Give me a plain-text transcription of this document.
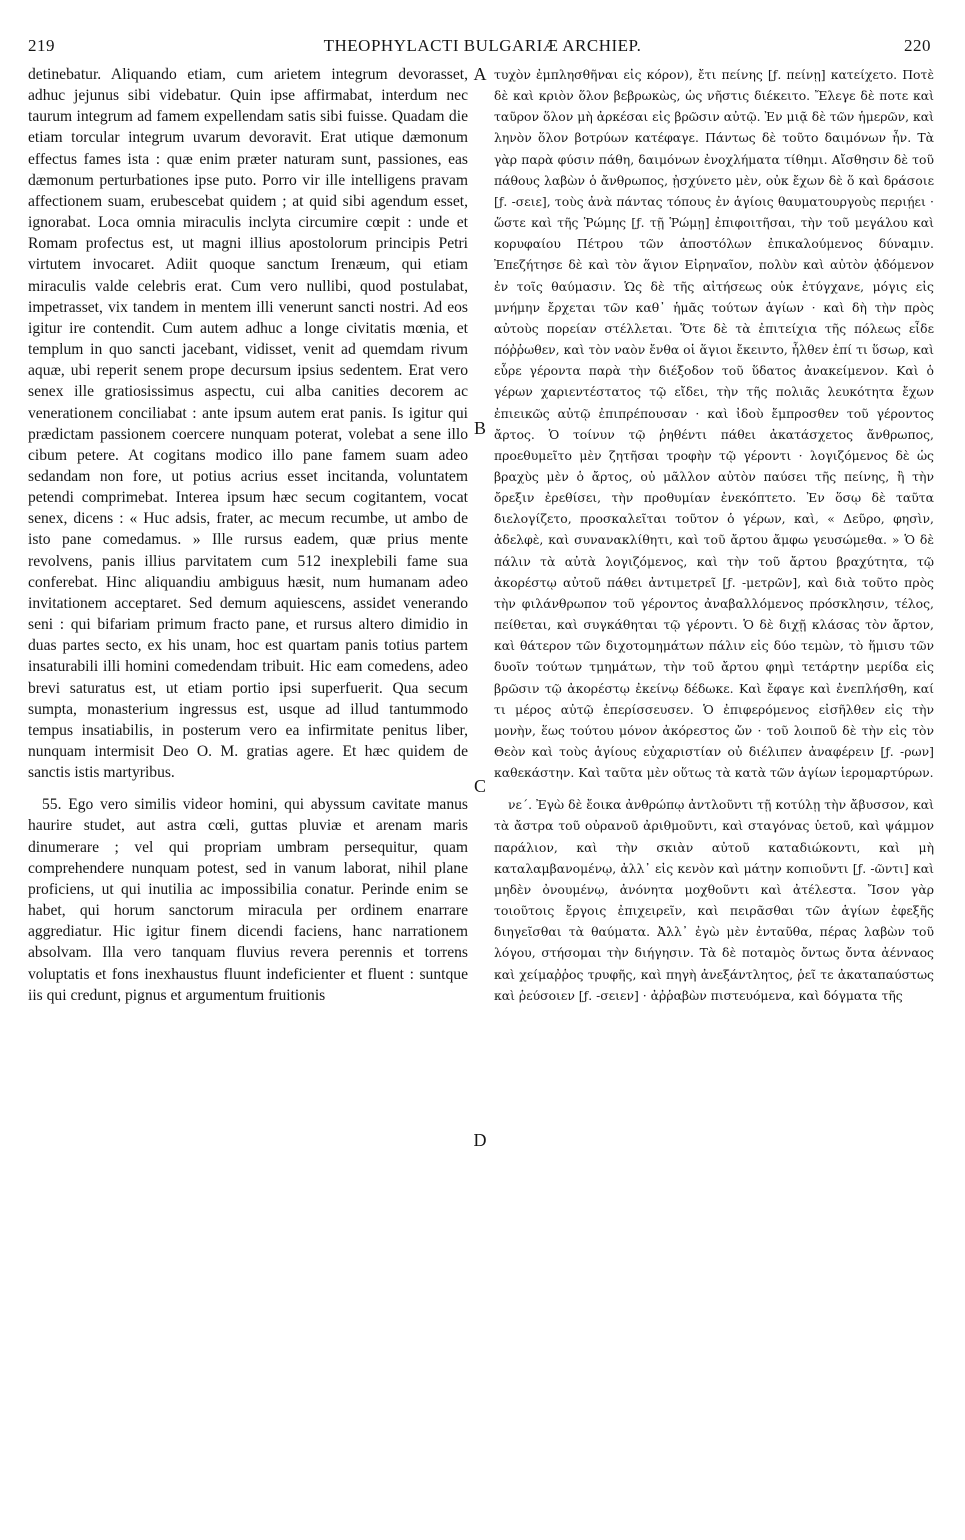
219	THEOPHYLACTI BULGARIÆ ARCHIEP.	220

detinebatur. Aliquando etiam, cum arietem integrum devorasset, adhuc jejunus sibi videbatur. Quin ipse affirmabat, interdum nec taurum integrum ad famem expellendam satis sibi fuisse. Quadam die etiam torcular integrum uvarum devoravit. Erat utique dæmonum effectus fames ista : quæ enim præter naturam sunt, passiones, eas dæmonum perturbationes ipse puto. Porro vir ille intelligens pravam affectionem suam, erubescebat quidem ; at quid sibi agendum esset, ignorabat. Loca omnia miraculis inclyta circumire cœpit : unde et Romam profectus est, ut magni illius apostolorum principis Petri virtutem invocaret. Adiit quoque sanctum Irenæum, qui etiam miraculis valde celebris erat. Cum vero nullibi, quod postulabat, impetrasset, vix tandem in mentem illi venerunt sancti nostri. Ad eos igitur ire contendit. Cum autem adhuc a longe civitatis mœnia, et templum in quo sancti jacebant, vidisset, venit ad quemdam rivum aquæ, ubi reperit senem prope decursum ipsius sedentem. Erat vero senex ille gratiosissimus aspectu, cui alba canities decorem ac venerationem conciliabat : ante ipsum autem erat panis. Is igitur qui prædictam passionem coercere nunquam poterat, volebat a sene illo cibum petere. At cogitans modico illo pane famem suam adeo sedandam non fore, ut potius acrius esset incitanda, voluntatem petendi comprimebat. Interea ipsum hæc secum cogitantem, vocat senex, dicens : « Huc adsis, frater, ac mecum recumbe, ut ambo de isto pane comedamus. » Ille rursus eadem, quæ prius mente revolvens, panis illius parvitatem cum 512 inexplebili fame sua conferebat. Hinc aliquandiu ambiguus hæsit, num humanam adeo invitationem acceptaret. Sed demum aquiescens, assidet venerando seni : qui bifariam primum fracto pane, et rursus altero dimidio in duas partes secto, ex his unam, hoc est quartam panis totius partem insaturabili illi homini comedendam tribuit. Hic eam comedens, adeo brevi saturatus est, ut etiam portio ipsi superfuerit. Qua secum sumpta, monasterium ingressus est, usque ad illud tantummodo tempus insatiabilis, in posterum vero ea infirmitate penitus liber, nunquam intermisit Deo O. M. gratias agere. Et hæc quidem de sanctis istis martyribus.

55. Ego vero similis videor homini, qui abyssum cavitate manus haurire studet, aut astra cœli, guttas pluviæ et arenam maris dinumerare ; vel qui propriam umbram persequitur, quam comprehendere nunquam potest, sed in vanum laborat, nihil plane proficiens, ut qui inutilia ac impossibilia conatur. Perinde enim se habet, qui horum sanctorum miracula per ordinem enarrare aggrediatur. Hic igitur finem dicendi faciens, hanc narrationem absolvam. Illa vero tanquam fluvius revera perennis et torrens voluptatis et fons inexhaustus fluunt indeficienter et fluent : suntque iis qui credunt, pignus et argumentum fruitionis

τυχὸν ἐμπλησθῆναι εἰς κόρον), ἔτι πείνης [ƒ. πείνῃ] κατείχετο. Ποτὲ δὲ καὶ κριὸν ὅλον βεβρωκὼς, ὡς νῆστις διέκειτο. Ἔλεγε δὲ ποτε καὶ ταῦρον ὅλον μὴ ἀρκέσαι εἰς βρῶσιν αὐτῷ. Ἐν μιᾷ δὲ τῶν ἡμερῶν, καὶ ληνὸν ὅλον βοτρύων κατέφαγε. Πάντως δὲ τοῦτο δαιμόνων ἦν. Τὰ γὰρ παρὰ φύσιν πάθη, δαιμόνων ἐνοχλήματα τίθημι. Αἴσθησιν δὲ τοῦ πάθους λαβὼν ὁ ἄνθρωπος, ᾐσχύνετο μὲν, οὐκ ἔχων δὲ ὅ καὶ δράσοιε [ƒ. -σειε], τοὺς ἀνὰ πάντας τόπους ἐν ἁγίοις θαυματουργοὺς περιῄει · ὥστε καὶ τῆς Ῥώμης [ƒ. τῇ Ῥώμῃ] ἐπιφοιτῆσαι, τὴν τοῦ μεγάλου καὶ κορυφαίου Πέτρου τῶν ἀποστόλων ἐπικαλούμενος δύναμιν. Ἐπεζήτησε δὲ καὶ τὸν ἅγιον Εἰρηναῖον, πολὺν καὶ αὐτὸν ᾀδόμενον ἐν τοῖς θαύμασιν. Ὡς δὲ τῆς αἰτήσεως οὐκ ἐτύγχανε, μόγις εἰς μνήμην ἔρχεται τῶν καθ᾽ ἡμᾶς τούτων ἁγίων · καὶ δὴ τὴν πρὸς αὐτοὺς πορείαν στέλλεται. Ὅτε δὲ τὰ ἐπιτείχια τῆς πόλεως εἶδε πόῤῥωθεν, καὶ τὸν ναὸν ἔνθα οἱ ἅγιοι ἔκειντο, ἦλθεν ἐπί τι ὕσωρ, καὶ εὗρε γέροντα παρὰ τὴν διέξοδον τοῦ ὕδατος ἀνακείμενον. Καὶ ὁ γέρων χαριεντέστατος τῷ εἴδει, τὴν τῆς πολιᾶς λευκότητα ἔχων ἐπιεικῶς αὐτῷ ἐπιπρέπουσαν · καὶ ἰδοὺ ἔμπροσθεν τοῦ γέροντος ἄρτος. Ὁ τοίνυν τῷ ῥηθέντι πάθει ἀκατάσχετος ἄνθρωπος, προεθυμεῖτο μὲν ζητῆσαι τροφὴν τῷ γέροντι · λογιζόμενος δὲ ὡς βραχὺς μὲν ὁ ἄρτος, οὐ μᾶλλον αὐτὸν παύσει τῆς πείνης, ἢ τὴν ὄρεξιν ἐρεθίσει, τὴν προθυμίαν ἐνεκόπτετο. Ἐν ὅσῳ δὲ ταῦτα διελογίζετο, προσκαλεῖται τοῦτον ὁ γέρων, καὶ, « Δεῦρο, φησὶν, ἀδελφὲ, καὶ συνανακλίθητι, καὶ τοῦ ἄρτου ἄμφω γευσώμεθα. » Ὁ δὲ πάλιν τὰ αὐτὰ λογιζόμενος, καὶ τὴν τοῦ ἄρτου βραχύτητα, τῷ ἀκορέστῳ αὐτοῦ πάθει ἀντιμετρεῖ [ƒ. -μετρῶν], καὶ διὰ τοῦτο πρὸς τὴν φιλάνθρωπον τοῦ γέροντος ἀναβαλλόμενος πρόσκλησιν, τέλος, πείθεται, καὶ συγκάθηται τῷ γέροντι. Ὁ δὲ διχῇ κλάσας τὸν ἄρτον, καὶ θάτερον τῶν διχοτομημάτων πάλιν εἰς δύο τεμὼν, τὸ ἥμισυ τῶν δυοῖν τούτων τμημάτων, τὴν τοῦ ἄρτου φημὶ τετάρτην μερίδα εἰς βρῶσιν τῷ ἀκορέστῳ ἐκείνῳ δέδωκε. Καὶ ἔφαγε καὶ ἐνεπλήσθη, καί τι μέρος αὐτῷ ἐπερίσσευσεν. Ὁ ἐπιφερόμενος εἰσῆλθεν εἰς τὴν μονὴν, ἕως τούτου μόνον ἀκόρεστος ὤν · τοῦ λοιποῦ δὲ τὴν εἰς τὸν Θεὸν καὶ τοὺς ἁγίους εὐχαριστίαν οὐ διέλιπεν ἀναφέρειν [ƒ. -ρων] καθεκάστην. Καὶ ταῦτα μὲν οὕτως τὰ κατὰ τῶν ἁγίων ἱερομαρτύρων.

νε΄. Ἐγὼ δὲ ἔοικα ἀνθρώπῳ ἀντλοῦντι τῇ κοτύλῃ τὴν ἄβυσσον, καὶ τὰ ἄστρα τοῦ οὐρανοῦ ἀριθμοῦντι, καὶ σταγόνας ὑετοῦ, καὶ ψάμμον παράλιον, καὶ τὴν σκιὰν αὐτοῦ καταδιώκοντι, καὶ μὴ καταλαμβανομένῳ, ἀλλ᾽ εἰς κενὸν καὶ μάτην κοπιοῦντι [ƒ. -ῶντι] καὶ μηδὲν ὀνουμένῳ, ἀνόνητα μοχθοῦντι καὶ ἀτέλεστα. Ἴσον γὰρ τοιοῦτοις ἔργοις ἐπιχειρεῖν, καὶ πειρᾶσθαι τῶν ἁγίων ἐφεξῆς διηγεῖσθαι τὰ θαύματα. Ἀλλ᾽ ἐγὼ μὲν ἐνταῦθα, πέρας λαβὼν τοῦ λόγου, στήσομαι τὴν διήγησιν. Τὰ δὲ ποταμὸς ὄντως ὄντα ἀένναος καὶ χείμαῤῥος τρυφῆς, καὶ πηγὴ ἀνεξάντλητος, ῥεῖ τε ἀκαταπαύστως καὶ ῥεύσοιεν [ƒ. -σειεν] · ἀῤῥαβὼν πιστευόμενα, καὶ δόγματα τῆς

A
B
C
D
